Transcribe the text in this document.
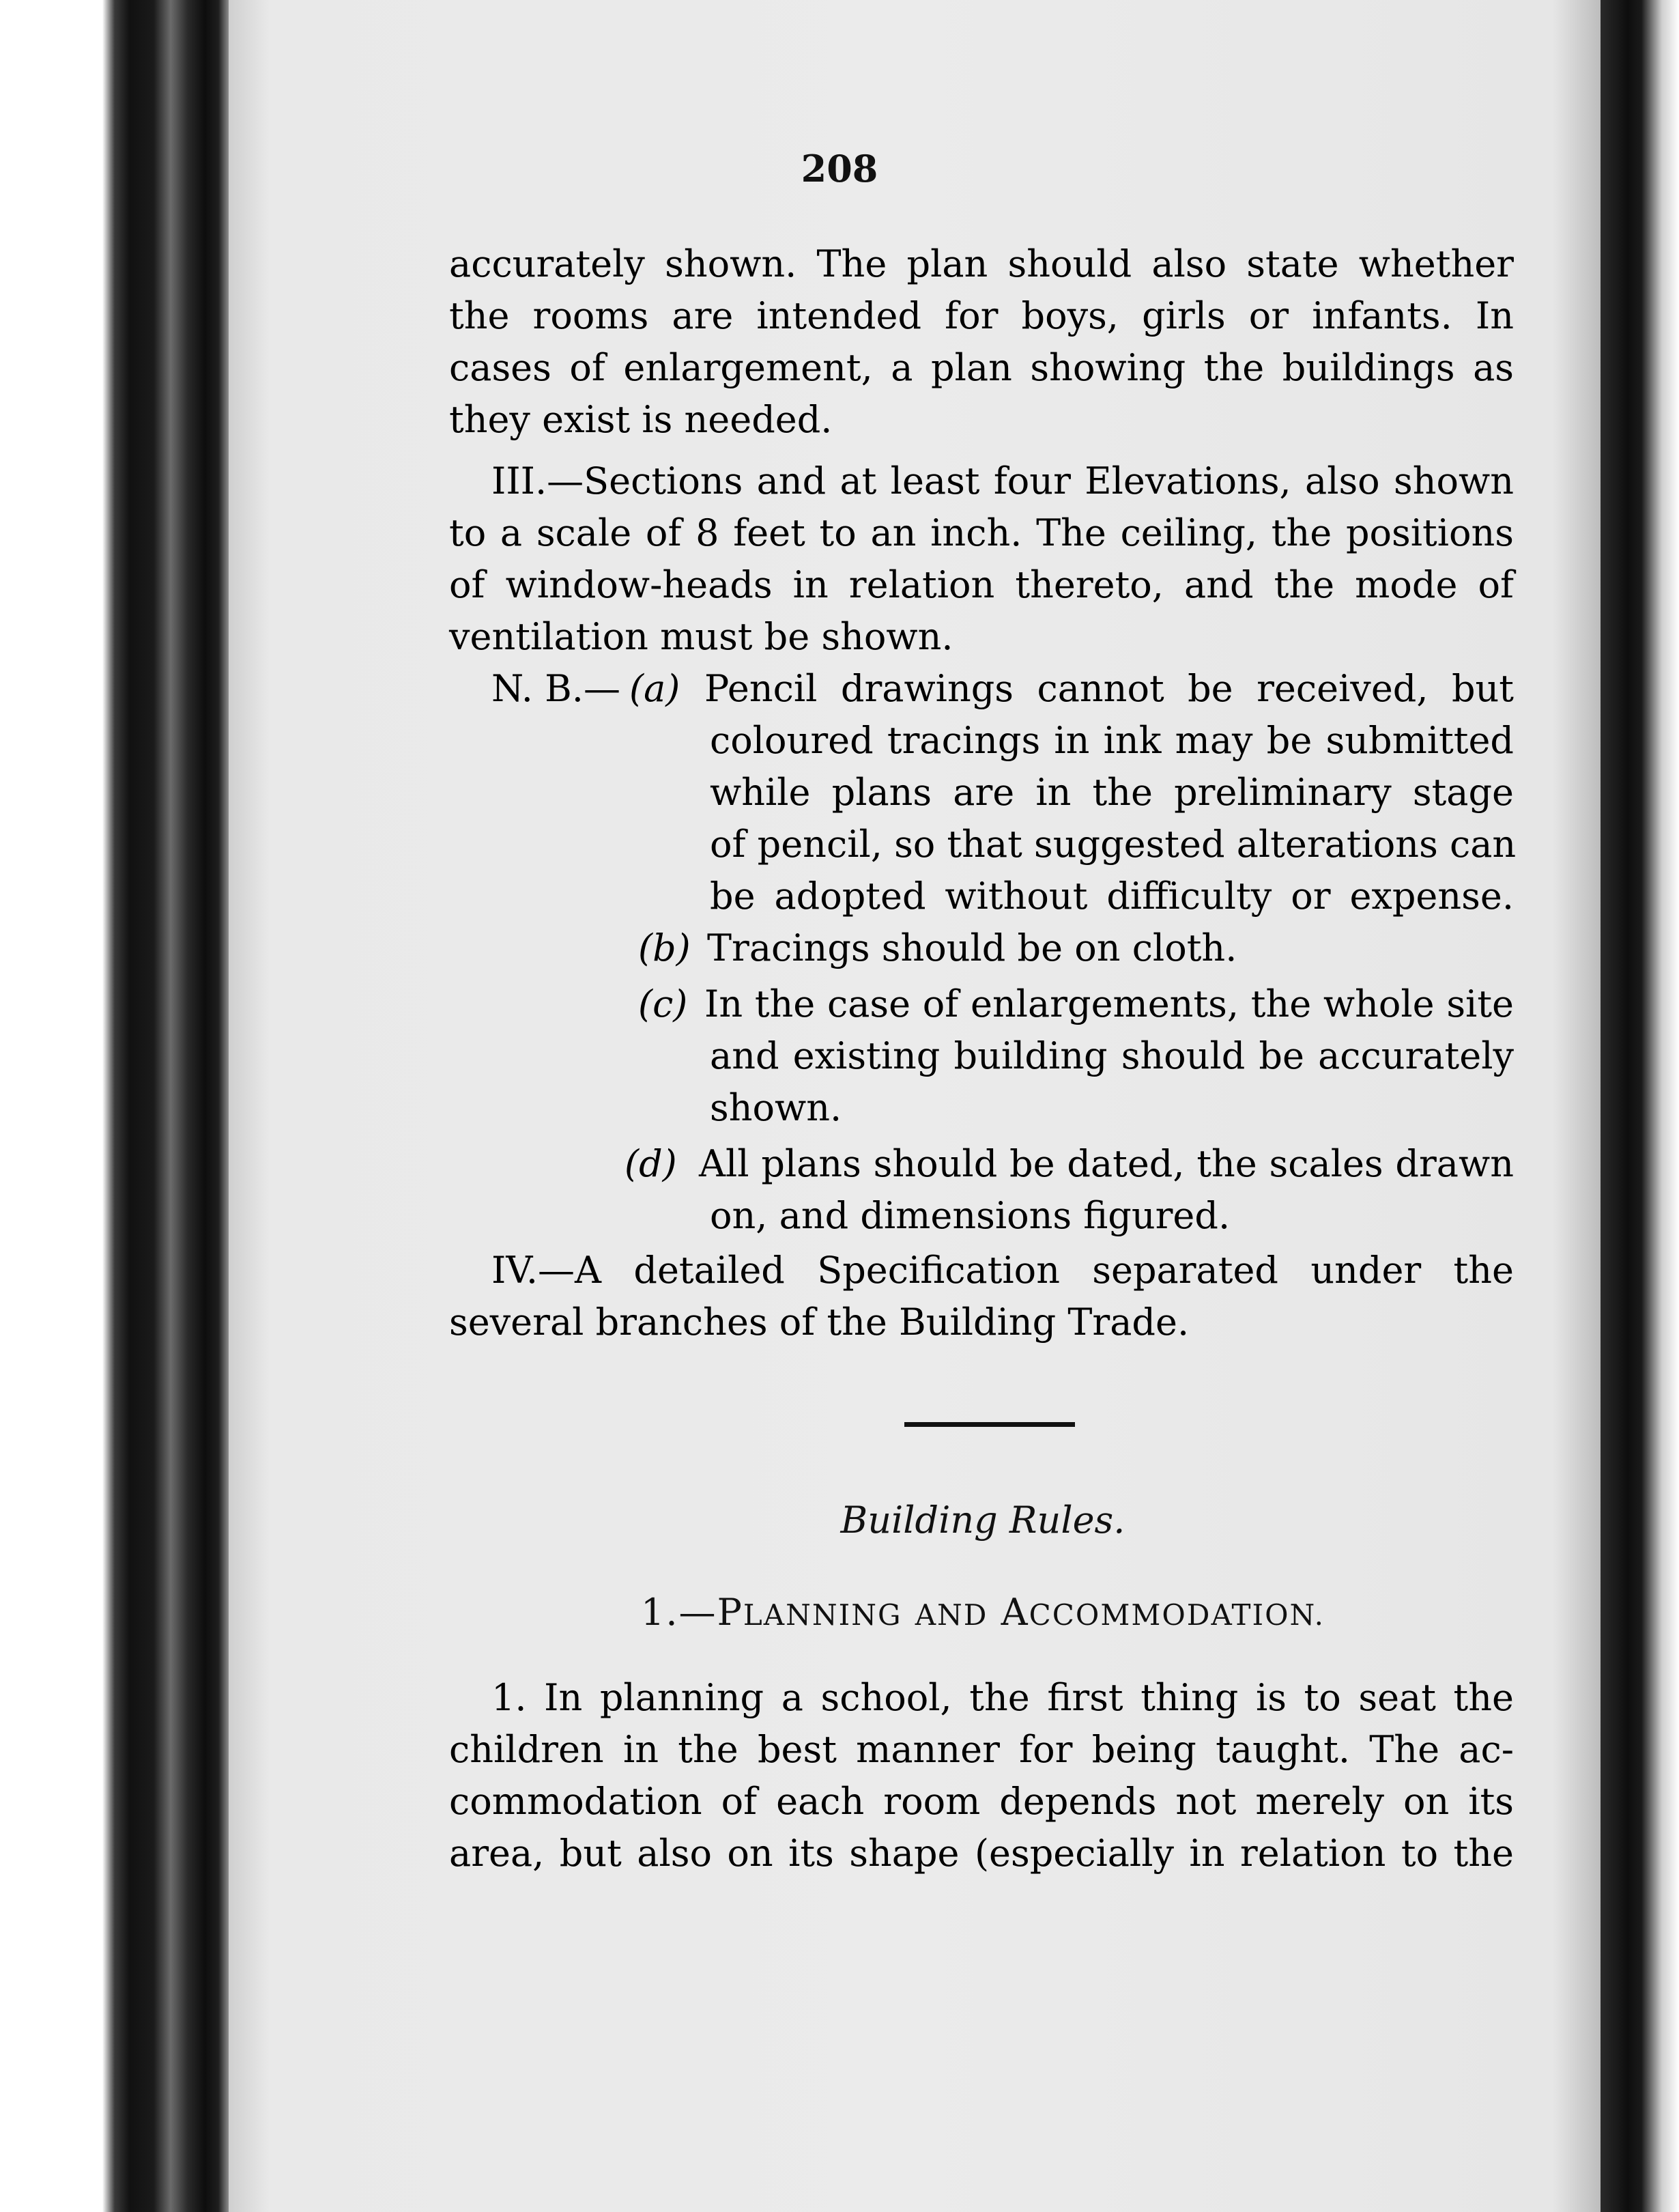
208
accurately shown. The plan should also state whether
the rooms are intended for boys, girls or infants. In
cases of enlargement, a plan showing the buildings as
they exist is needed.
III.—Sections and at least four Elevations, also shown
to a scale of 8 feet to an inch. The ceiling, the positions
of window-heads in relation thereto, and the mode of
ventilation must be shown.
N. B.— (a) Pencil drawings cannot be received, but
coloured tracings in ink may be submitted
while plans are in the preliminary stage
of pencil, so that suggested alterations can
be adopted without difficulty or expense.
(b) Tracings should be on cloth.
(c) In the case of enlargements, the whole site
and existing building should be accurately
shown.
(d) All plans should be dated, the scales drawn
on, and dimensions figured.
IV.—A detailed Specification separated under the
several branches of the Building Trade.
Building Rules.
1.—PLANNING AND ACCOMMODATION.
1. In planning a school, the first thing is to seat the
children in the best manner for being taught. The ac-
commodation of each room depends not merely on its
area, but also on its shape (especially in relation to the
